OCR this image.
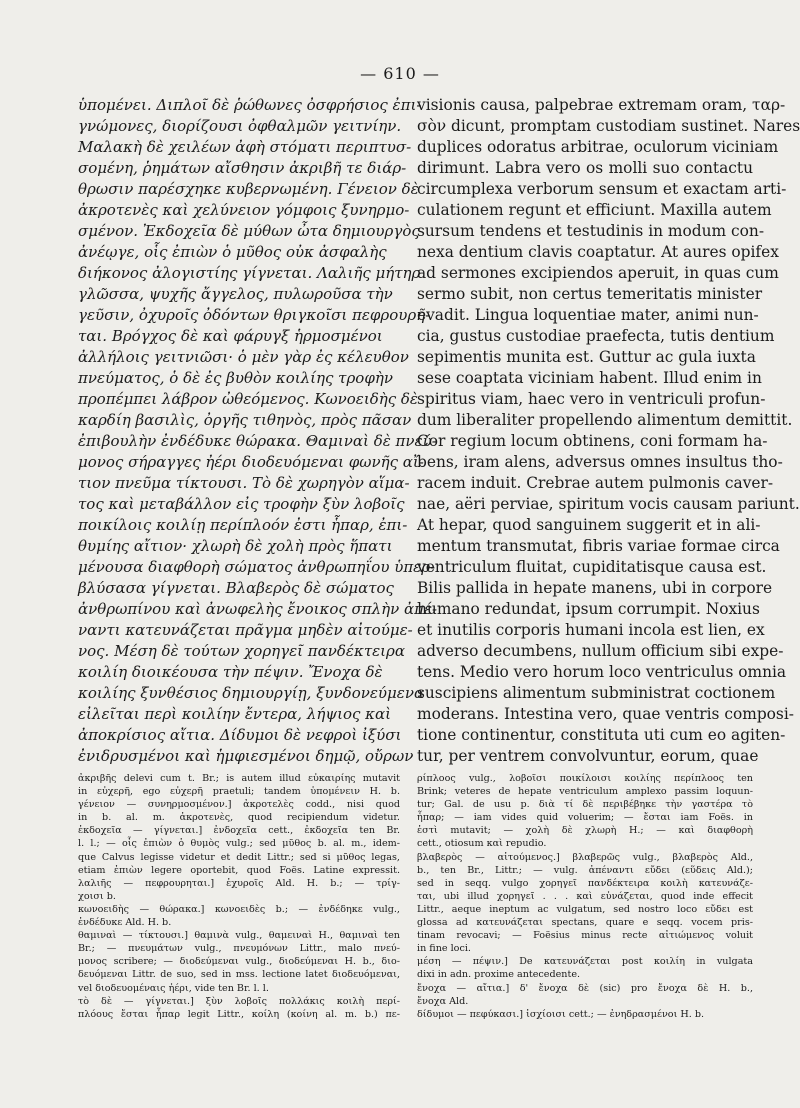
— 610 —
ὑπομένει. Διπλοῖ δὲ ῥώθωνες ὀσφρήσιος ἐπι-
γνώμονες, διορίζουσι ὀφθαλμῶν γειτνίην.
Μαλακὴ δὲ χειλέων ἀφὴ στόματι περιπτυσ-
σομένη, ῥημάτων αἴσθησιν ἀκριβῆ τε διάρ-
θρωσιν παρέσχηκε κυβερνωμένη. Γένειον δὲ
ἀκροτενὲς καὶ χελύνειον γόμφοις ξυνηρμο-
σμένον. Ἐκδοχεῖα δὲ μύθων ὦτα δημιουργὸς
ἀνέῳγε, οἷς ἐπιὼν ὁ μῦθος οὐκ ἀσφαλὴς
διήκονος ἀλογιστίης γίγνεται. Λαλιῆς μήτηρ
γλῶσσα, ψυχῆς ἄγγελος, πυλωροῦσα τὴν
γεῦσιν, ὀχυροῖς ὀδόντων θριγκοῖσι πεφρουρῆ-
ται. Βρόγχος δὲ καὶ φάρυγξ ἡρμοσμένοι
ἀλλήλοις γειτνιῶσι· ὁ μὲν γὰρ ἐς κέλευθον
πνεύματος, ὁ δὲ ἐς βυθὸν κοιλίης τροφὴν
προπέμπει λάβρον ὠθεόμενος. Κωνοειδὴς δὲ
καρδίη βασιλὶς, ὀργῆς τιθηνὸς, πρὸς πᾶσαν
ἐπιβουλὴν ἐνδέδυκε θώρακα. Θαμιναὶ δὲ πνεύ-
μονος σήραγγες ἠέρι διοδευόμεναι φωνῆς αἴ-
τιον πνεῦμα τίκτουσι. Τὸ δὲ χωρηγὸν αἵμα-
τος καὶ μεταβάλλον εἰς τροφὴν ξὺν λοβοῖς
ποικίλοις κοιλίῃ περίπλοόν ἐστι ἧπαρ, ἐπι-
θυμίης αἴτιον· χλωρὴ δὲ χολὴ πρὸς ἥπατι
μένουσα διαφθορὴ σώματος ἀνθρωπηΐου ὑπερ-
βλύσασα γίγνεται. Βλαβερὸς δὲ σώματος
ἀνθρωπίνου καὶ ἀνωφελὴς ἔνοικος σπλὴν ἀπέ-
ναντι κατευνάζεται πρᾶγμα μηδὲν αἰτούμε-
νος. Μέση δὲ τούτων χορηγεῖ πανδέκτειρα
κοιλίη διοικέουσα τὴν πέψιν. Ἔνοχα δὲ
κοιλίης ξυνθέσιος δημιουργίῃ, ξυνδονεύμενα
εἰλεῖται περὶ κοιλίην ἔντερα, λήψιος καὶ
ἀποκρίσιος αἴτια. Δίδυμοι δὲ νεφροὶ ἰξύσι
ἐνιδρυσμένοι καὶ ἡμφιεσμένοι δημῷ, οὔρων
visionis causa, palpebrae extremam oram, ταρ-
σὸν dicunt, promptam custodiam sustinet. Nares
duplices odoratus arbitrae, oculorum viciniam
dirimunt. Labra vero os molli suo contactu
circumplexa verborum sensum et exactam arti-
culationem regunt et efficiunt. Maxilla autem
sursum tendens et testudinis in modum con-
nexa dentium clavis coaptatur. At aures opifex
ad sermones excipiendos aperuit, in quas cum
sermo subit, non certus temeritatis minister
evadit. Lingua loquentiae mater, animi nun-
cia, gustus custodiae praefecta, tutis dentium
sepimentis munita est. Guttur ac gula iuxta
sese coaptata viciniam habent. Illud enim in
spiritus viam, haec vero in ventriculi profun-
dum liberaliter propellendo alimentum demittit.
Cor regium locum obtinens, coni formam ha-
bens, iram alens, adversus omnes insultus tho-
racem induit. Crebrae autem pulmonis caver-
nae, aëri perviae, spiritum vocis causam pariunt.
At hepar, quod sanguinem suggerit et in ali-
mentum transmutat, fibris variae formae circa
ventriculum fluitat, cupiditatisque causa est.
Bilis pallida in hepate manens, ubi in corpore
humano redundat, ipsum corrumpit. Noxius
et inutilis corporis humani incola est lien, ex
adverso decumbens, nullum officium sibi expe-
tens. Medio vero horum loco ventriculus omnia
suscipiens alimentum subministrat coctionem
moderans. Intestina vero, quae ventris composi-
tione continentur, constituta uti cum eo agiten-
tur, per ventrem convolvuntur, eorum, quae
ἀκριβῆς delevi cum t. Br.; is autem illud εὐκαιρίης mutavit
in εὐχερῆ, ego εὐχερῆ praetuli; tandem ὑπομένειν H. b.
γένειον — συνηρμοσμένον.] ἀκροτελὲς codd., nisi quod
in b. al. m. ἀκροτενὲς, quod recipiendum videtur.
ἐκδοχεῖα — γίγνεται.] ἐνδοχεῖα cett., ἐκδοχεῖα ten Br.
l. l.; — οἷς ἐπιὼν ὁ θυμὸς vulg.; sed μῦθος b. al. m., idem-
que Calvus legisse videtur et dedit Littr.; sed si μῦθος legas,
etiam ἐπιὼν legere oportebit, quod Foës. Latine expressit.
λαλιῆς — πεφρουρηται.] ἐχυροῖς Ald. H. b.; — τρίγ-
χοισι b.
κωνοειδὴς — θώρακα.] κωνοειδὲς b.; — ἐνδέδηκε vulg.,
ἐνδέδυκε Ald. H. b.
θαμιναὶ — τίκτουσι.] θαμινὰ vulg., θαμειναὶ H., θαμιναὶ ten
Br.; — πνευμάτων vulg., πνευμόνων Littr., malo πνεύ-
μονος scribere; — διοδεύμεναι vulg., διοδεύμεναι H. b., διο-
δευόμεναι Littr. de suo, sed in mss. lectione latet διοδευόμεναι,
vel διοδευομέναις ἠέρι, vide ten Br. l. l.
τὸ δὲ — γίγνεται.] ξὺν λοβοῖς πολλάκις κοιλὴ περί-
πλόους ἔσται ἧπαρ legit Littr., κοίλη (κοίνη al. m. b.) πε-
ρίπλοος vulg., λοβοῖσι ποικίλοισι κοιλίης περίπλοος ten
Brink; veteres de hepate ventriculum amplexo passim loquun-
tur; Gal. de usu p. διὰ τί δὲ περιβέβηκε τὴν γαστέρα τὸ
ἧπαρ; — iam vides quid voluerim; — ἔσται iam Foës. in
ἐστὶ mutavit; — χολὴ δὲ χλωρὴ H.; — καὶ διαφθορὴ
cett., otiosum καὶ repudio.
βλαβερὸς — αἰτούμενος.] βλαβερῶς vulg., βλαβερὸς Ald.,
b., ten Br., Littr.; — vulg. ἀπέναντι εὔδει (εὕδεις Ald.);
sed in seqq. vulgo χορηγεῖ πανδέκτειρα κοιλὴ κατευνάζε-
ται, ubi illud χορηγεῖ . . . καὶ εὐνάζεται, quod inde effecit
Littr., aeque ineptum ac vulgatum, sed nostro loco εὔδει est
glossa ad κατευνάζεται spectans, quare e seqq. vocem pris-
tinam revocavi; — Foësius minus recte αἰτιώμενος voluit
in fine loci.
μέση — πέψιν.] De κατευνάζεται post κοιλίη in vulgata
dixi in adn. proxime antecedente.
ἔνοχα — αἴτια.] δ' ἔνοχα δὲ (sic) pro ἔνοχα δὲ H. b.,
ἔνοχα Ald.
δίδυμοι — πεφύκασι.] ἰσχίοισι cett.; — ἐνηδρασμένοι H. b.
